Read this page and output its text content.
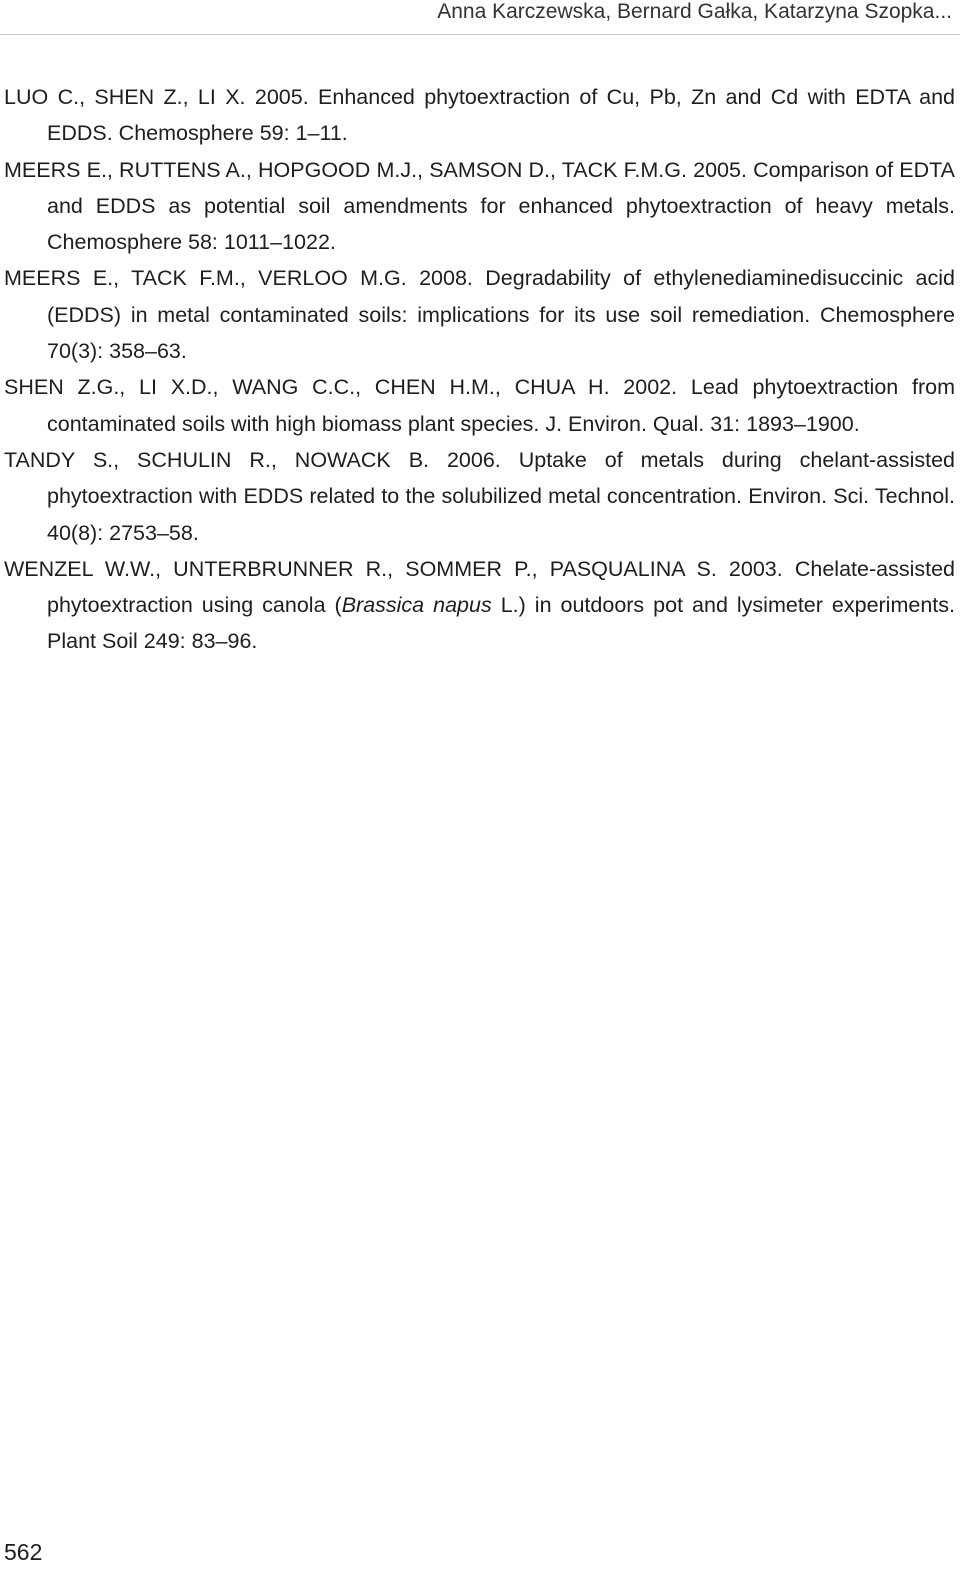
Anna Karczewska, Bernard Gałka, Katarzyna Szopka...
LUO C., SHEN Z., LI X. 2005. Enhanced phytoextraction of Cu, Pb, Zn and Cd with EDTA and EDDS. Chemosphere 59: 1–11.
MEERS E., RUTTENS A., HOPGOOD M.J., SAMSON D., TACK F.M.G. 2005. Comparison of EDTA and EDDS as potential soil amendments for enhanced phytoextraction of heavy metals. Chemosphere 58: 1011–1022.
MEERS E., TACK F.M., VERLOO M.G. 2008. Degradability of ethylenediaminedisuccinic acid (EDDS) in metal contaminated soils: implications for its use soil remediation. Chemosphere 70(3): 358–63.
SHEN Z.G., LI X.D., WANG C.C., CHEN H.M., CHUA H. 2002. Lead phytoextraction from contaminated soils with high biomass plant species. J. Environ. Qual. 31: 1893–1900.
TANDY S., SCHULIN R., NOWACK B. 2006. Uptake of metals during chelant-assisted phytoextraction with EDDS related to the solubilized metal concentration. Environ. Sci. Technol. 40(8): 2753–58.
WENZEL W.W., UNTERBRUNNER R., SOMMER P., PASQUALINA S. 2003. Chelate-assisted phytoextraction using canola (Brassica napus L.) in outdoors pot and lysimeter experiments. Plant Soil 249: 83–96.
562
